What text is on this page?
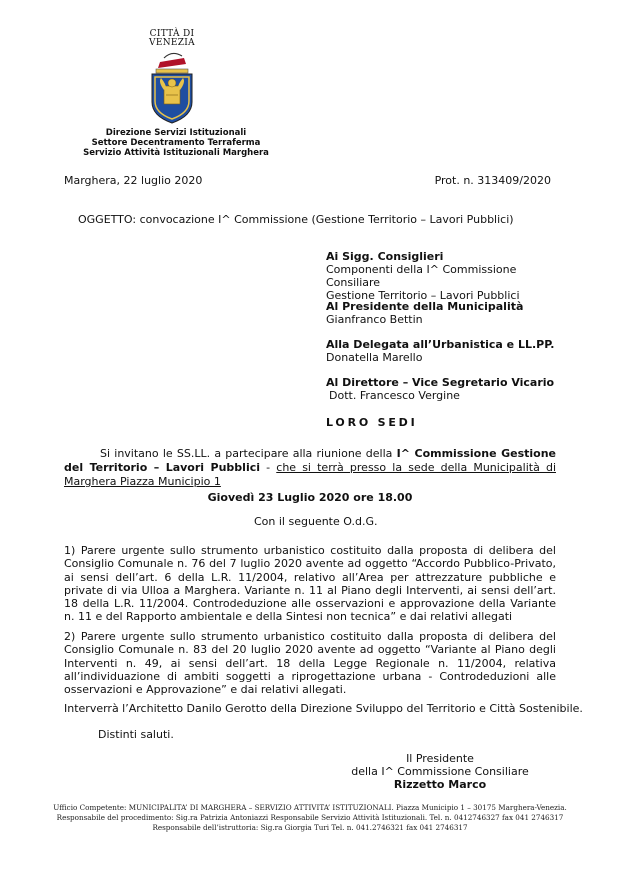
CITTÀ DI
VENEZIA
Direzione Servizi Istituzionali
Settore Decentramento Terraferma
Servizio Attività Istituzionali Marghera
Marghera, 22 luglio 2020	Prot. n. 313409/2020
OGGETTO: convocazione I^ Commissione (Gestione Territorio – Lavori Pubblici)
Ai Sigg. Consiglieri
Componenti della I^ Commissione Consiliare
Gestione Territorio – Lavori Pubblici
Al Presidente della Municipalità
Gianfranco Bettin
Alla Delegata all’Urbanistica e LL.PP.
Donatella Marello
Al Direttore – Vice Segretario Vicario
Dott. Francesco Vergine
LORO SEDI
Si invitano le SS.LL. a partecipare alla riunione della I^ Commissione Gestione del Territorio – Lavori Pubblici - che si terrà presso la sede della Municipalità di Marghera Piazza Municipio 1
Giovedì 23 Luglio 2020 ore 18.00
Con il seguente O.d.G.
1) Parere urgente sullo strumento urbanistico costituito dalla proposta di delibera del Consiglio Comunale n. 76 del 7 luglio 2020 avente ad oggetto “Accordo Pubblico-Privato, ai sensi dell’art. 6 della L.R. 11/2004, relativo all’Area per attrezzature pubbliche e private di via Ulloa a Marghera. Variante n. 11 al Piano degli Interventi, ai sensi dell’art. 18 della L.R. 11/2004. Controdeduzione alle osservazioni e approvazione della Variante n. 11 e del Rapporto ambientale e della Sintesi non tecnica” e dai relativi allegati
2) Parere urgente sullo strumento urbanistico costituito dalla proposta di delibera del Consiglio Comunale n. 83 del 20 luglio 2020 avente ad oggetto “Variante al Piano degli Interventi n. 49, ai sensi dell’art. 18 della Legge Regionale n. 11/2004, relativa all’individuazione di ambiti soggetti a riprogettazione urbana - Controdeduzioni alle osservazioni e Approvazione” e dai relativi allegati.
Interverrà l’Architetto Danilo Gerotto della Direzione Sviluppo del Territorio e Città Sostenibile.
Distinti saluti.
Il Presidente
della I^ Commissione Consiliare
Rizzetto Marco
Ufficio Competente: MUNICIPALITA’ DI MARGHERA – SERVIZIO ATTIVITA’ ISTITUZIONALI. Piazza Municipio 1 – 30175 Marghera-Venezia.
Responsabile del procedimento: Sig.ra Patrizia Antoniazzi Responsabile Servizio Attività Istituzionali. Tel. n. 0412746327 fax 041 2746317
Responsabile dell’istruttoria: Sig.ra Giorgia Turi Tel. n. 041.2746321 fax 041 2746317
